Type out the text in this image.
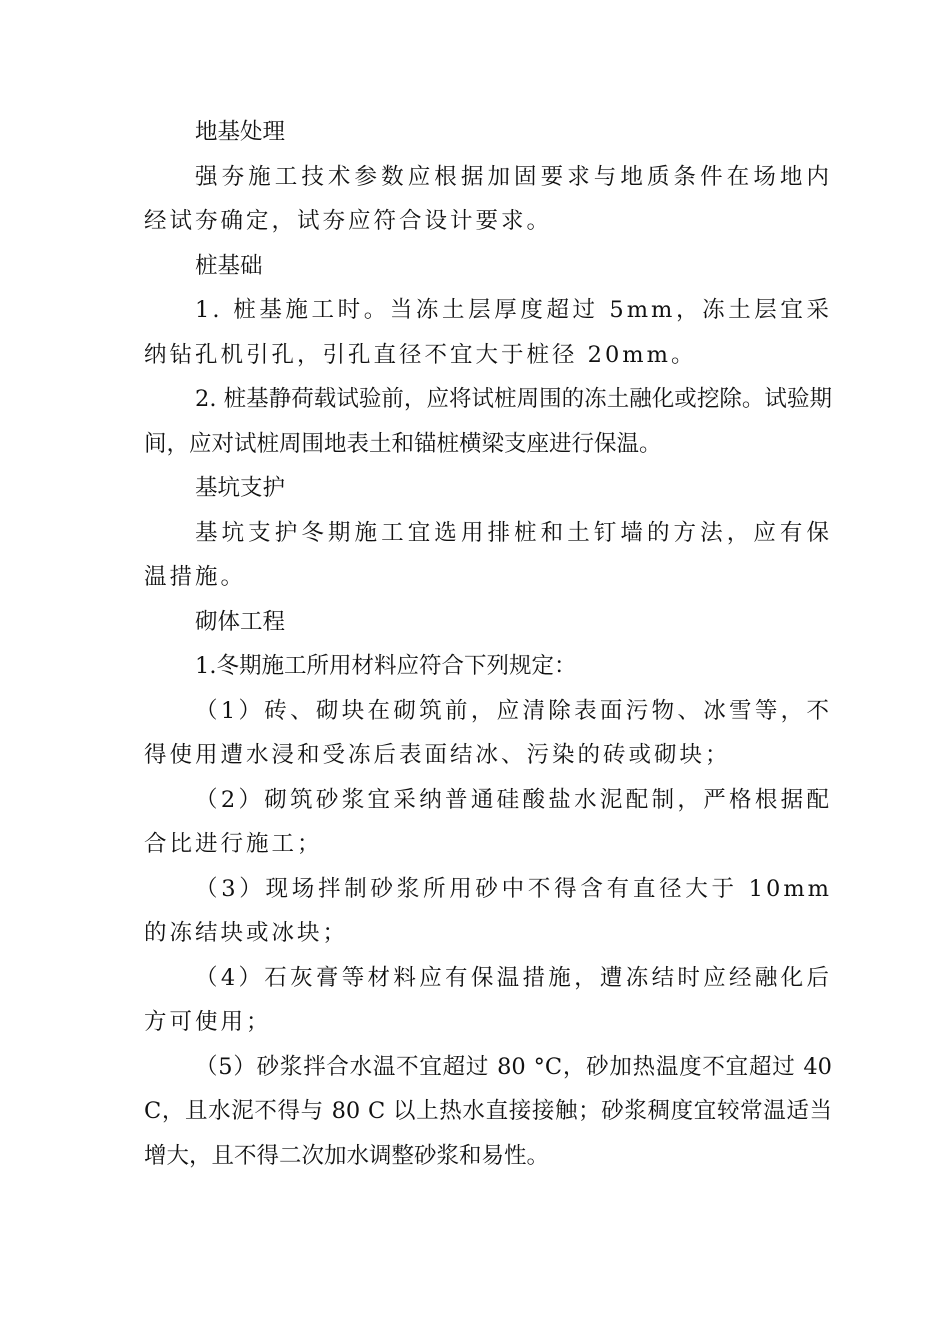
地基处理

强夯施工技术参数应根据加固要求与地质条件在场地内经试夯确定，试夯应符合设计要求。

桩基础

1. 桩基施工时。当冻土层厚度超过 5mm，冻土层宜采纳钻孔机引孔，引孔直径不宜大于桩径 20mm。

2. 桩基静荷载试验前，应将试桩周围的冻土融化或挖除。试验期间，应对试桩周围地表土和锚桩横梁支座进行保温。

基坑支护

基坑支护冬期施工宜选用排桩和土钉墙的方法，应有保温措施。

砌体工程

1.冬期施工所用材料应符合下列规定：

（1）砖、砌块在砌筑前，应清除表面污物、冰雪等，不得使用遭水浸和受冻后表面结冰、污染的砖或砌块；

（2）砌筑砂浆宜采纳普通硅酸盐水泥配制，严格根据配合比进行施工；

（3）现场拌制砂浆所用砂中不得含有直径大于 10mm 的冻结块或冰块；

（4）石灰膏等材料应有保温措施，遭冻结时应经融化后方可使用；

（5）砂浆拌合水温不宜超过 80 °C，砂加热温度不宜超过 40 C，且水泥不得与 80 C 以上热水直接接触；砂浆稠度宜较常温适当增大，且不得二次加水调整砂浆和易性。
